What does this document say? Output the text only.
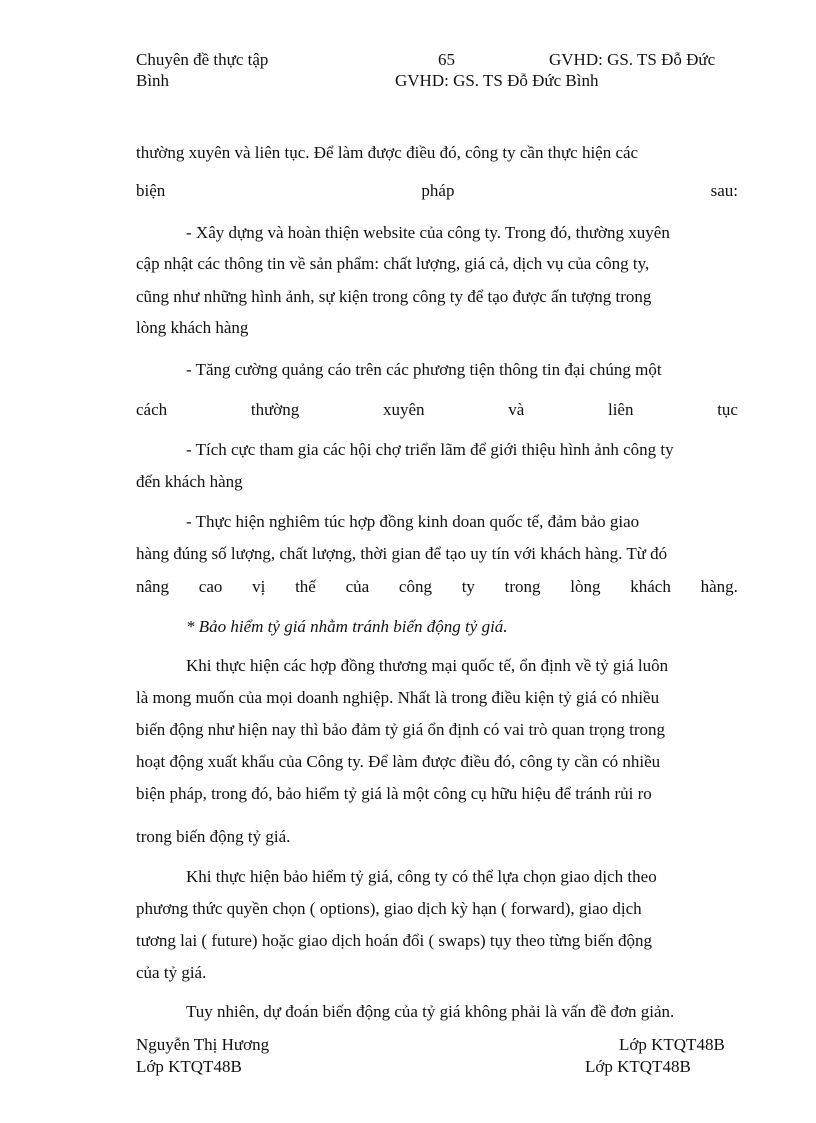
Chuyên đề thực tập	65	GVHD: GS. TS Đỗ Đức
Bình	GVHD: GS. TS Đỗ Đức Bình
thường xuyên và liên tục. Để làm được điều đó, công ty cần thực hiện các
biện	pháp	sau:
- Xây dựng và hoàn thiện website của công ty. Trong đó, thường xuyên
cập nhật các thông tin về sản phẩm: chất lượng, giá cả, dịch vụ của công ty,
cũng như những hình ảnh, sự kiện trong công ty để tạo được ấn tượng trong
lòng khách hàng
- Tăng cường quảng cáo trên các phương tiện thông tin đại chúng một
cách	thường	xuyên	và	liên	tục
- Tích cực tham gia các hội chợ triển lãm để giới thiệu hình ảnh công ty
đến khách hàng
- Thực hiện nghiêm túc hợp đồng kinh doan quốc tế, đảm bảo giao
hàng đúng số lượng, chất lượng, thời gian để tạo uy tín với khách hàng. Từ đó
nâng cao vị thế của công ty trong lòng khách hàng.
* Bảo hiểm tỷ giá nhằm tránh biến động tỷ giá.
Khi thực hiện các hợp đồng thương mại quốc tế, ổn định về tỷ giá luôn
là mong muốn của mọi doanh nghiệp. Nhất là trong điều kiện tỷ giá có nhiều
biến động như hiện nay thì bảo đảm tỷ giá ổn định có vai trò quan trọng trong
hoạt động xuất khẩu của Công ty. Để làm được điều đó, công ty cần có nhiều
biện pháp, trong đó, bảo hiểm tỷ giá là một công cụ hữu hiệu để tránh rủi ro
trong biến động tỷ giá.
Khi thực hiện bảo hiểm tỷ giá, công ty có thể lựa chọn giao dịch theo
phương thức quyền chọn ( options), giao dịch kỳ hạn ( forward), giao dịch
tương lai ( future) hoặc giao dịch hoán đổi ( swaps) tụy theo từng biến động
của tỷ giá.
Tuy nhiên, dự đoán biến động của tỷ giá không phải là vấn đề đơn giản.
Nguyễn Thị Hương	Lớp KTQT48B
Lớp KTQT48B	Lớp KTQT48B
